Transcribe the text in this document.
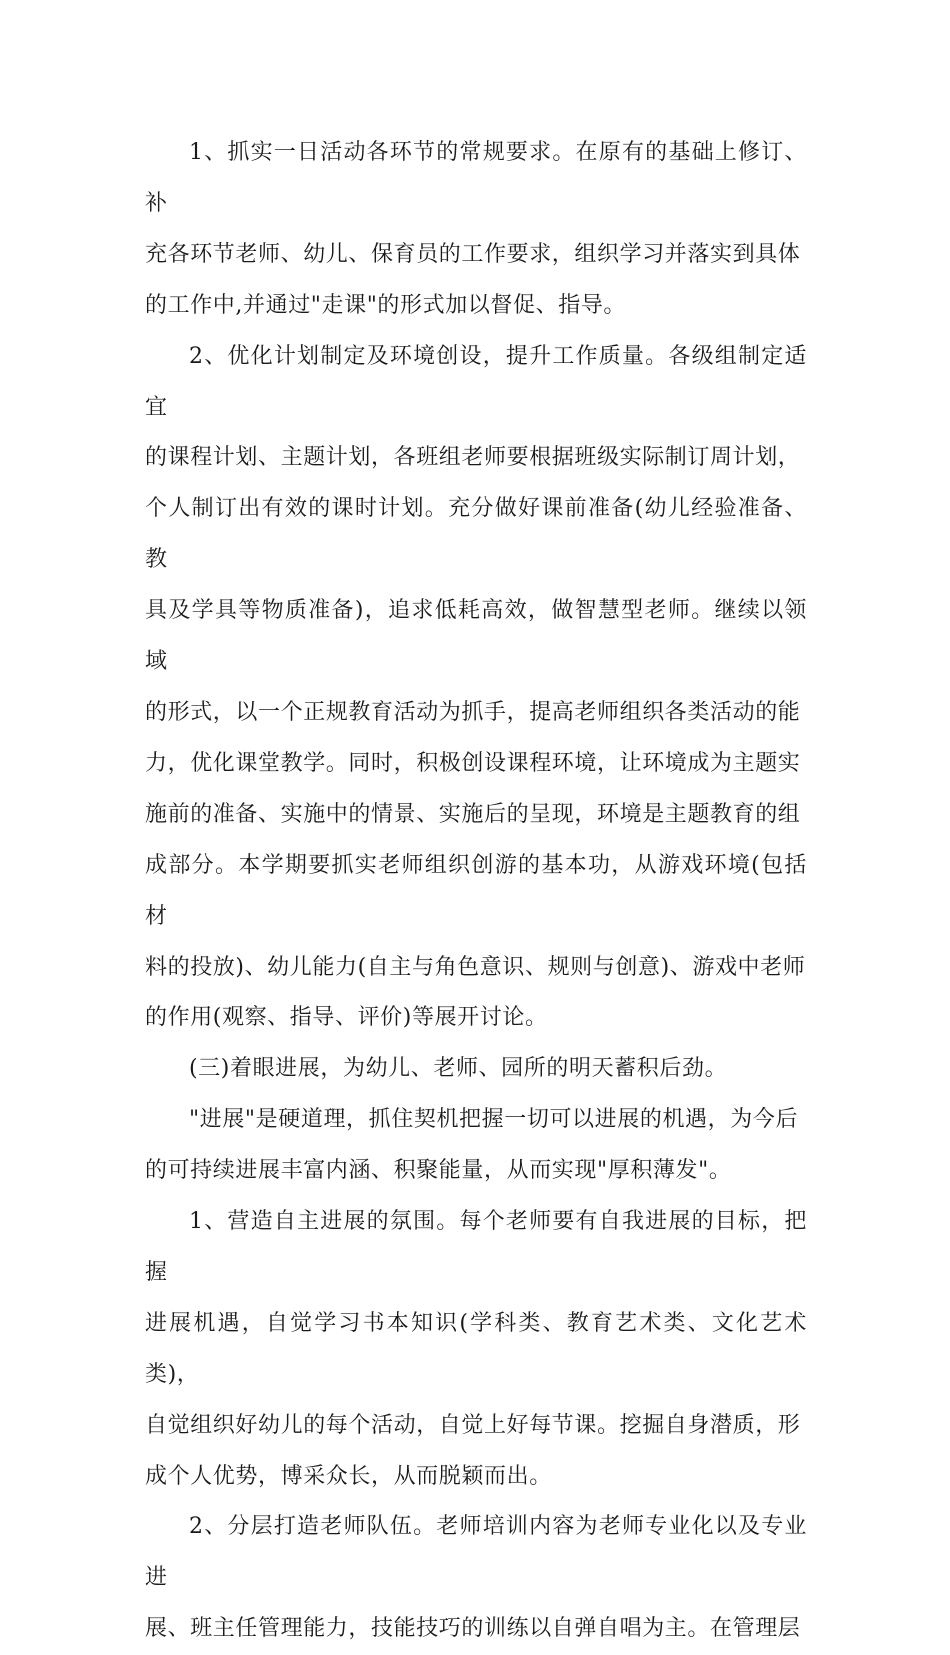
1、抓实一日活动各环节的常规要求。在原有的基础上修订、补
充各环节老师、幼儿、保育员的工作要求，组织学习并落实到具体
的工作中,并通过"走课"的形式加以督促、指导。

2、优化计划制定及环境创设，提升工作质量。各级组制定适宜
的课程计划、主题计划，各班组老师要根据班级实际制订周计划，
个人制订出有效的课时计划。充分做好课前准备(幼儿经验准备、教
具及学具等物质准备)，追求低耗高效，做智慧型老师。继续以领域
的形式，以一个正规教育活动为抓手，提高老师组织各类活动的能
力，优化课堂教学。同时，积极创设课程环境，让环境成为主题实
施前的准备、实施中的情景、实施后的呈现，环境是主题教育的组
成部分。本学期要抓实老师组织创游的基本功，从游戏环境(包括材
料的投放)、幼儿能力(自主与角色意识、规则与创意)、游戏中老师
的作用(观察、指导、评价)等展开讨论。

(三)着眼进展，为幼儿、老师、园所的明天蓄积后劲。

"进展"是硬道理，抓住契机把握一切可以进展的机遇，为今后
的可持续进展丰富内涵、积聚能量，从而实现"厚积薄发"。

1、营造自主进展的氛围。每个老师要有自我进展的目标，把握
进展机遇，自觉学习书本知识(学科类、教育艺术类、文化艺术类)，
自觉组织好幼儿的每个活动，自觉上好每节课。挖掘自身潜质，形
成个人优势，博采众长，从而脱颖而出。

2、分层打造老师队伍。老师培训内容为老师专业化以及专业进
展、班主任管理能力，技能技巧的训练以自弹自唱为主。在管理层
